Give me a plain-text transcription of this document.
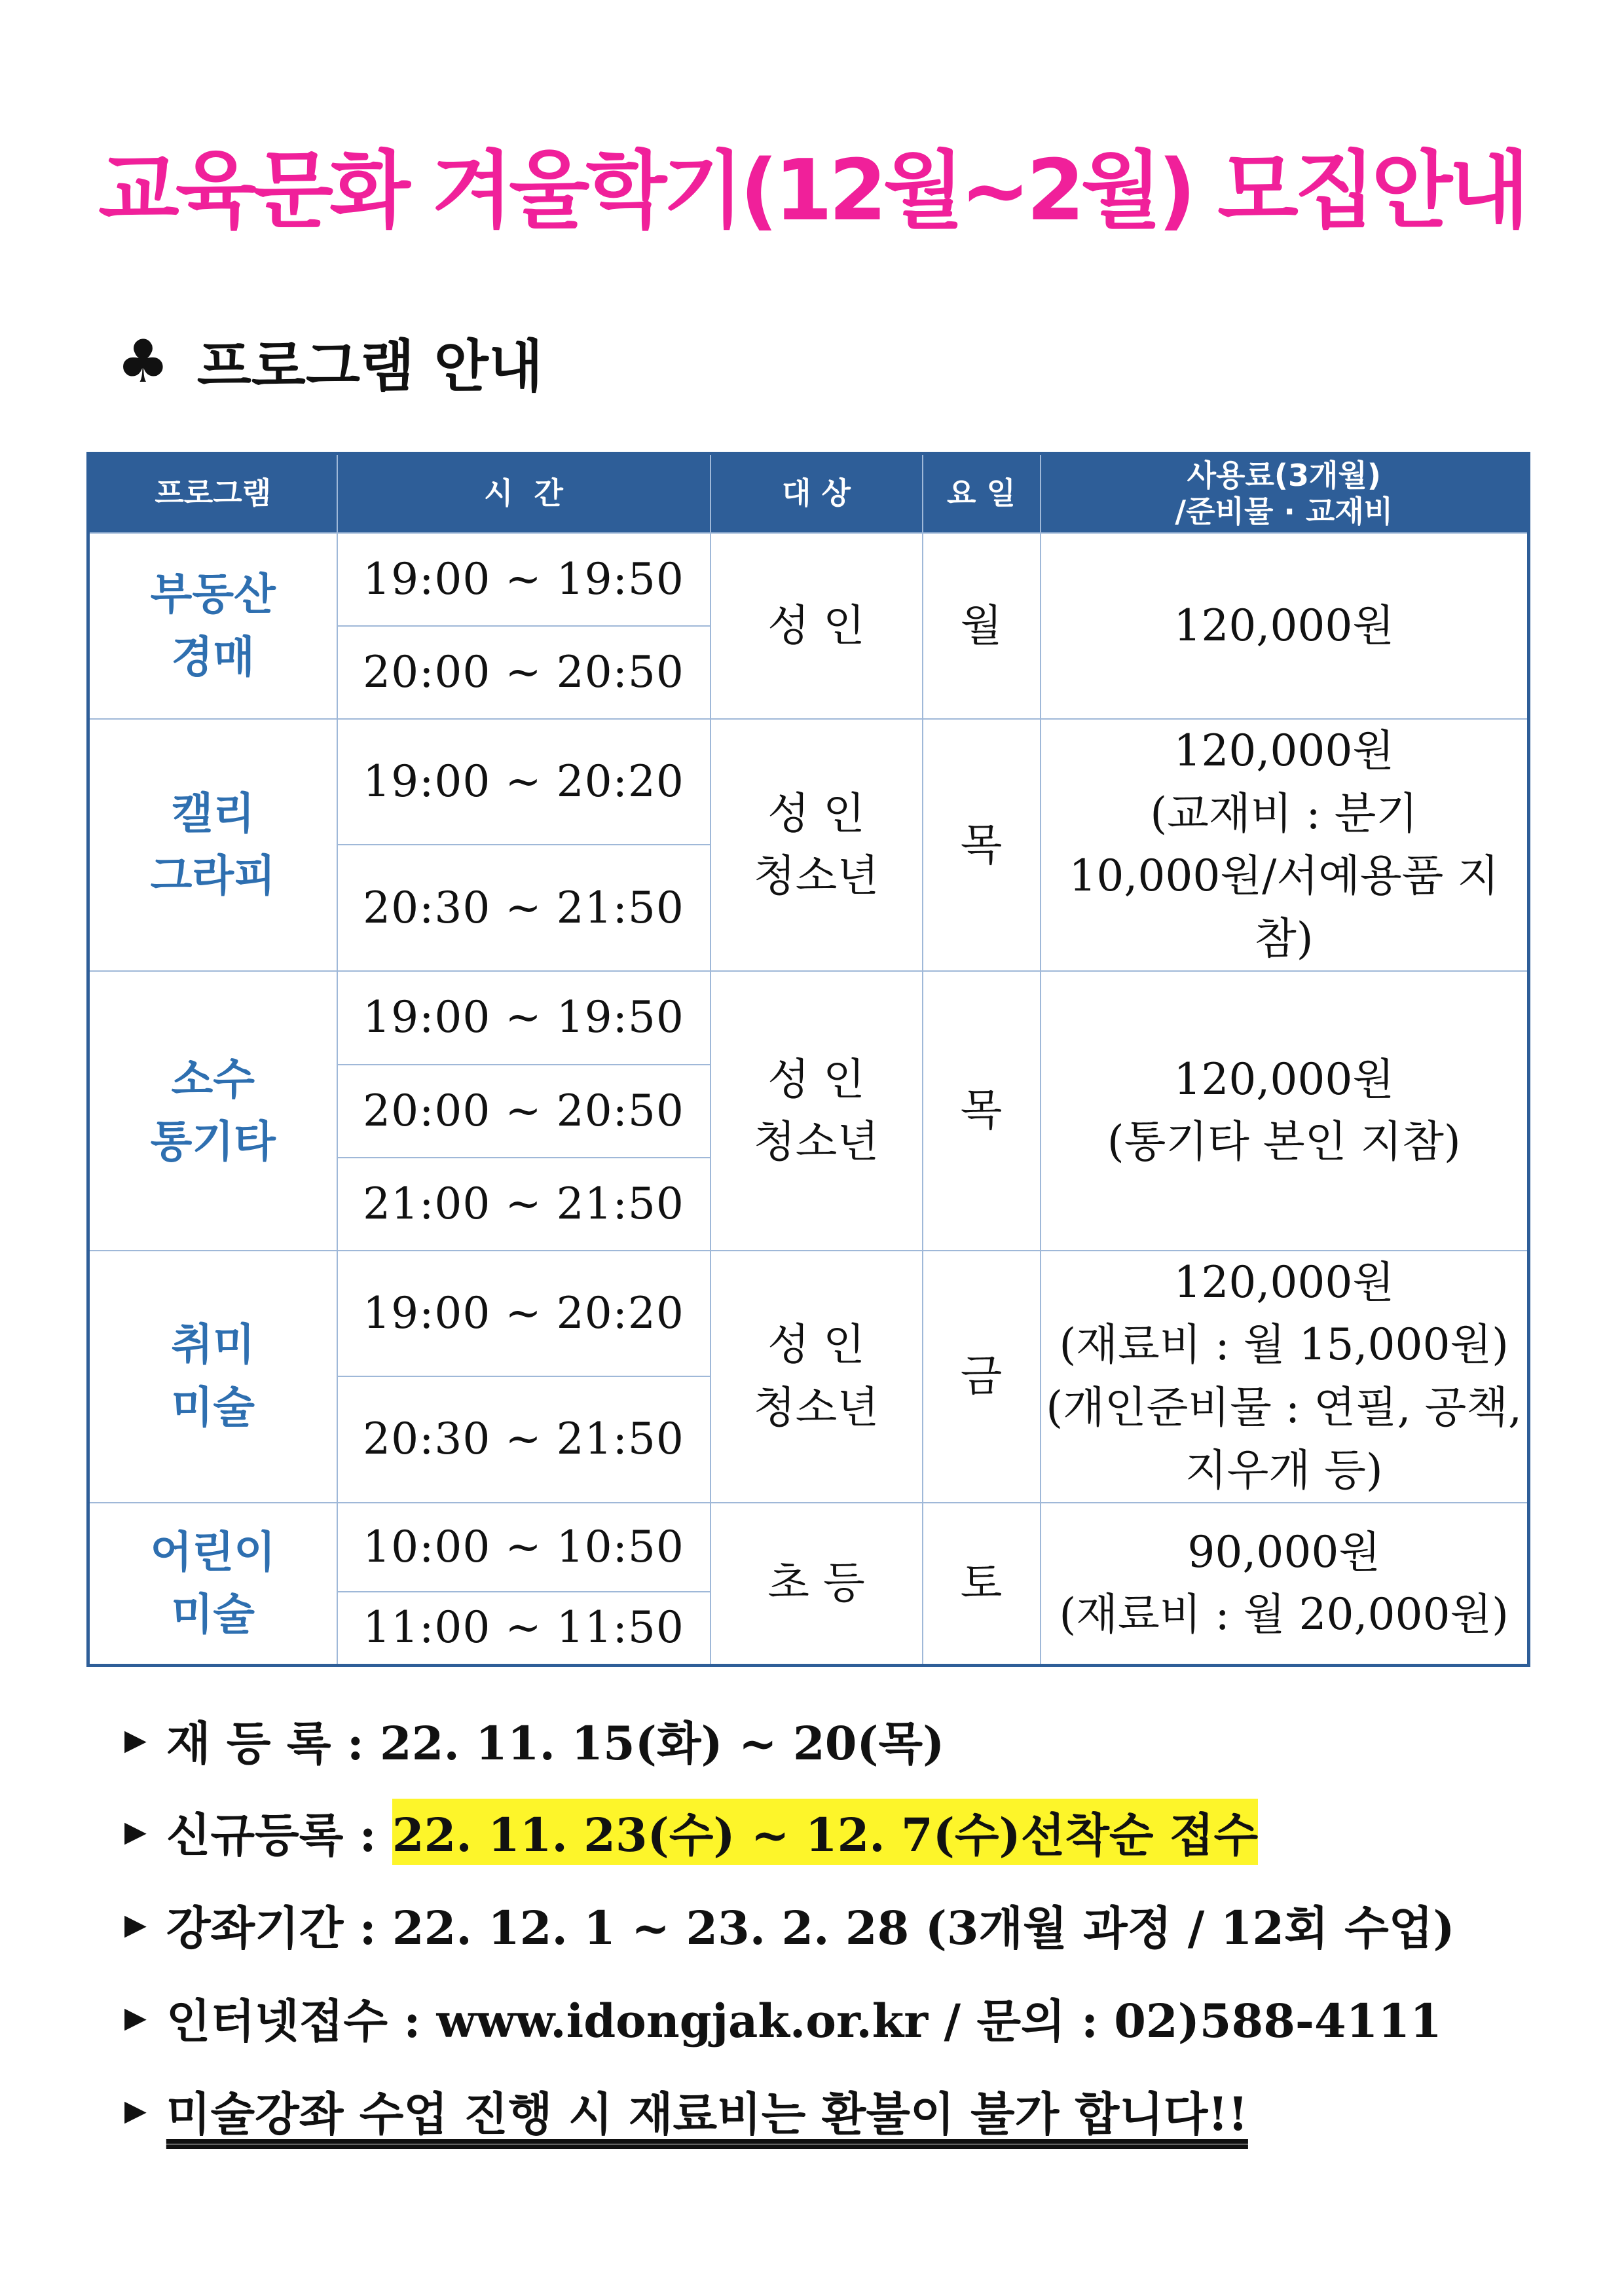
교육문화 겨울학기(12월~2월) 모집안내
♣ 프로그램 안내
프로그램	시  간	대 상	요 일	사용료(3개월)
/준비물 · 교재비

부동산
경매	19:00 ~ 19:50	성 인	월	120,000원

	20:00 ~ 20:50			

캘리
그라피	19:00 ~ 20:20	성 인
청소년	목	120,000원
(교재비 : 분기
10,000원/서예용품 지참)

	20:30 ~ 21:50			

소수
통기타	19:00 ~ 19:50	성 인
청소년	목	120,000원
(통기타 본인 지참)

	20:00 ~ 20:50			
	21:00 ~ 21:50			

취미
미술	19:00 ~ 20:20	성 인
청소년	금	120,000원
(재료비 : 월 15,000원)
(개인준비물 : 연필, 공책,
지우개 등)

	20:30 ~ 21:50			

어린이
미술	10:00 ~ 10:50	초 등	토	90,000원
(재료비 : 월 20,000원)

	11:00 ~ 11:50			
▶ 재 등 록 :
22. 11. 15(화) ~ 20(목)
▶ 신규등록 :
22. 11. 23(수) ~ 12. 7(수)선착순 접수
▶ 강좌기간 :
22. 12. 1 ~ 23. 2. 28 (3개월 과정 / 12회 수업)
▶ 인터넷접수 :
www.idongjak.or.kr / 문의 : 02)588-4111
▶ 미술강좌 수업 진행 시 재료비는 환불이 불가 합니다!!
